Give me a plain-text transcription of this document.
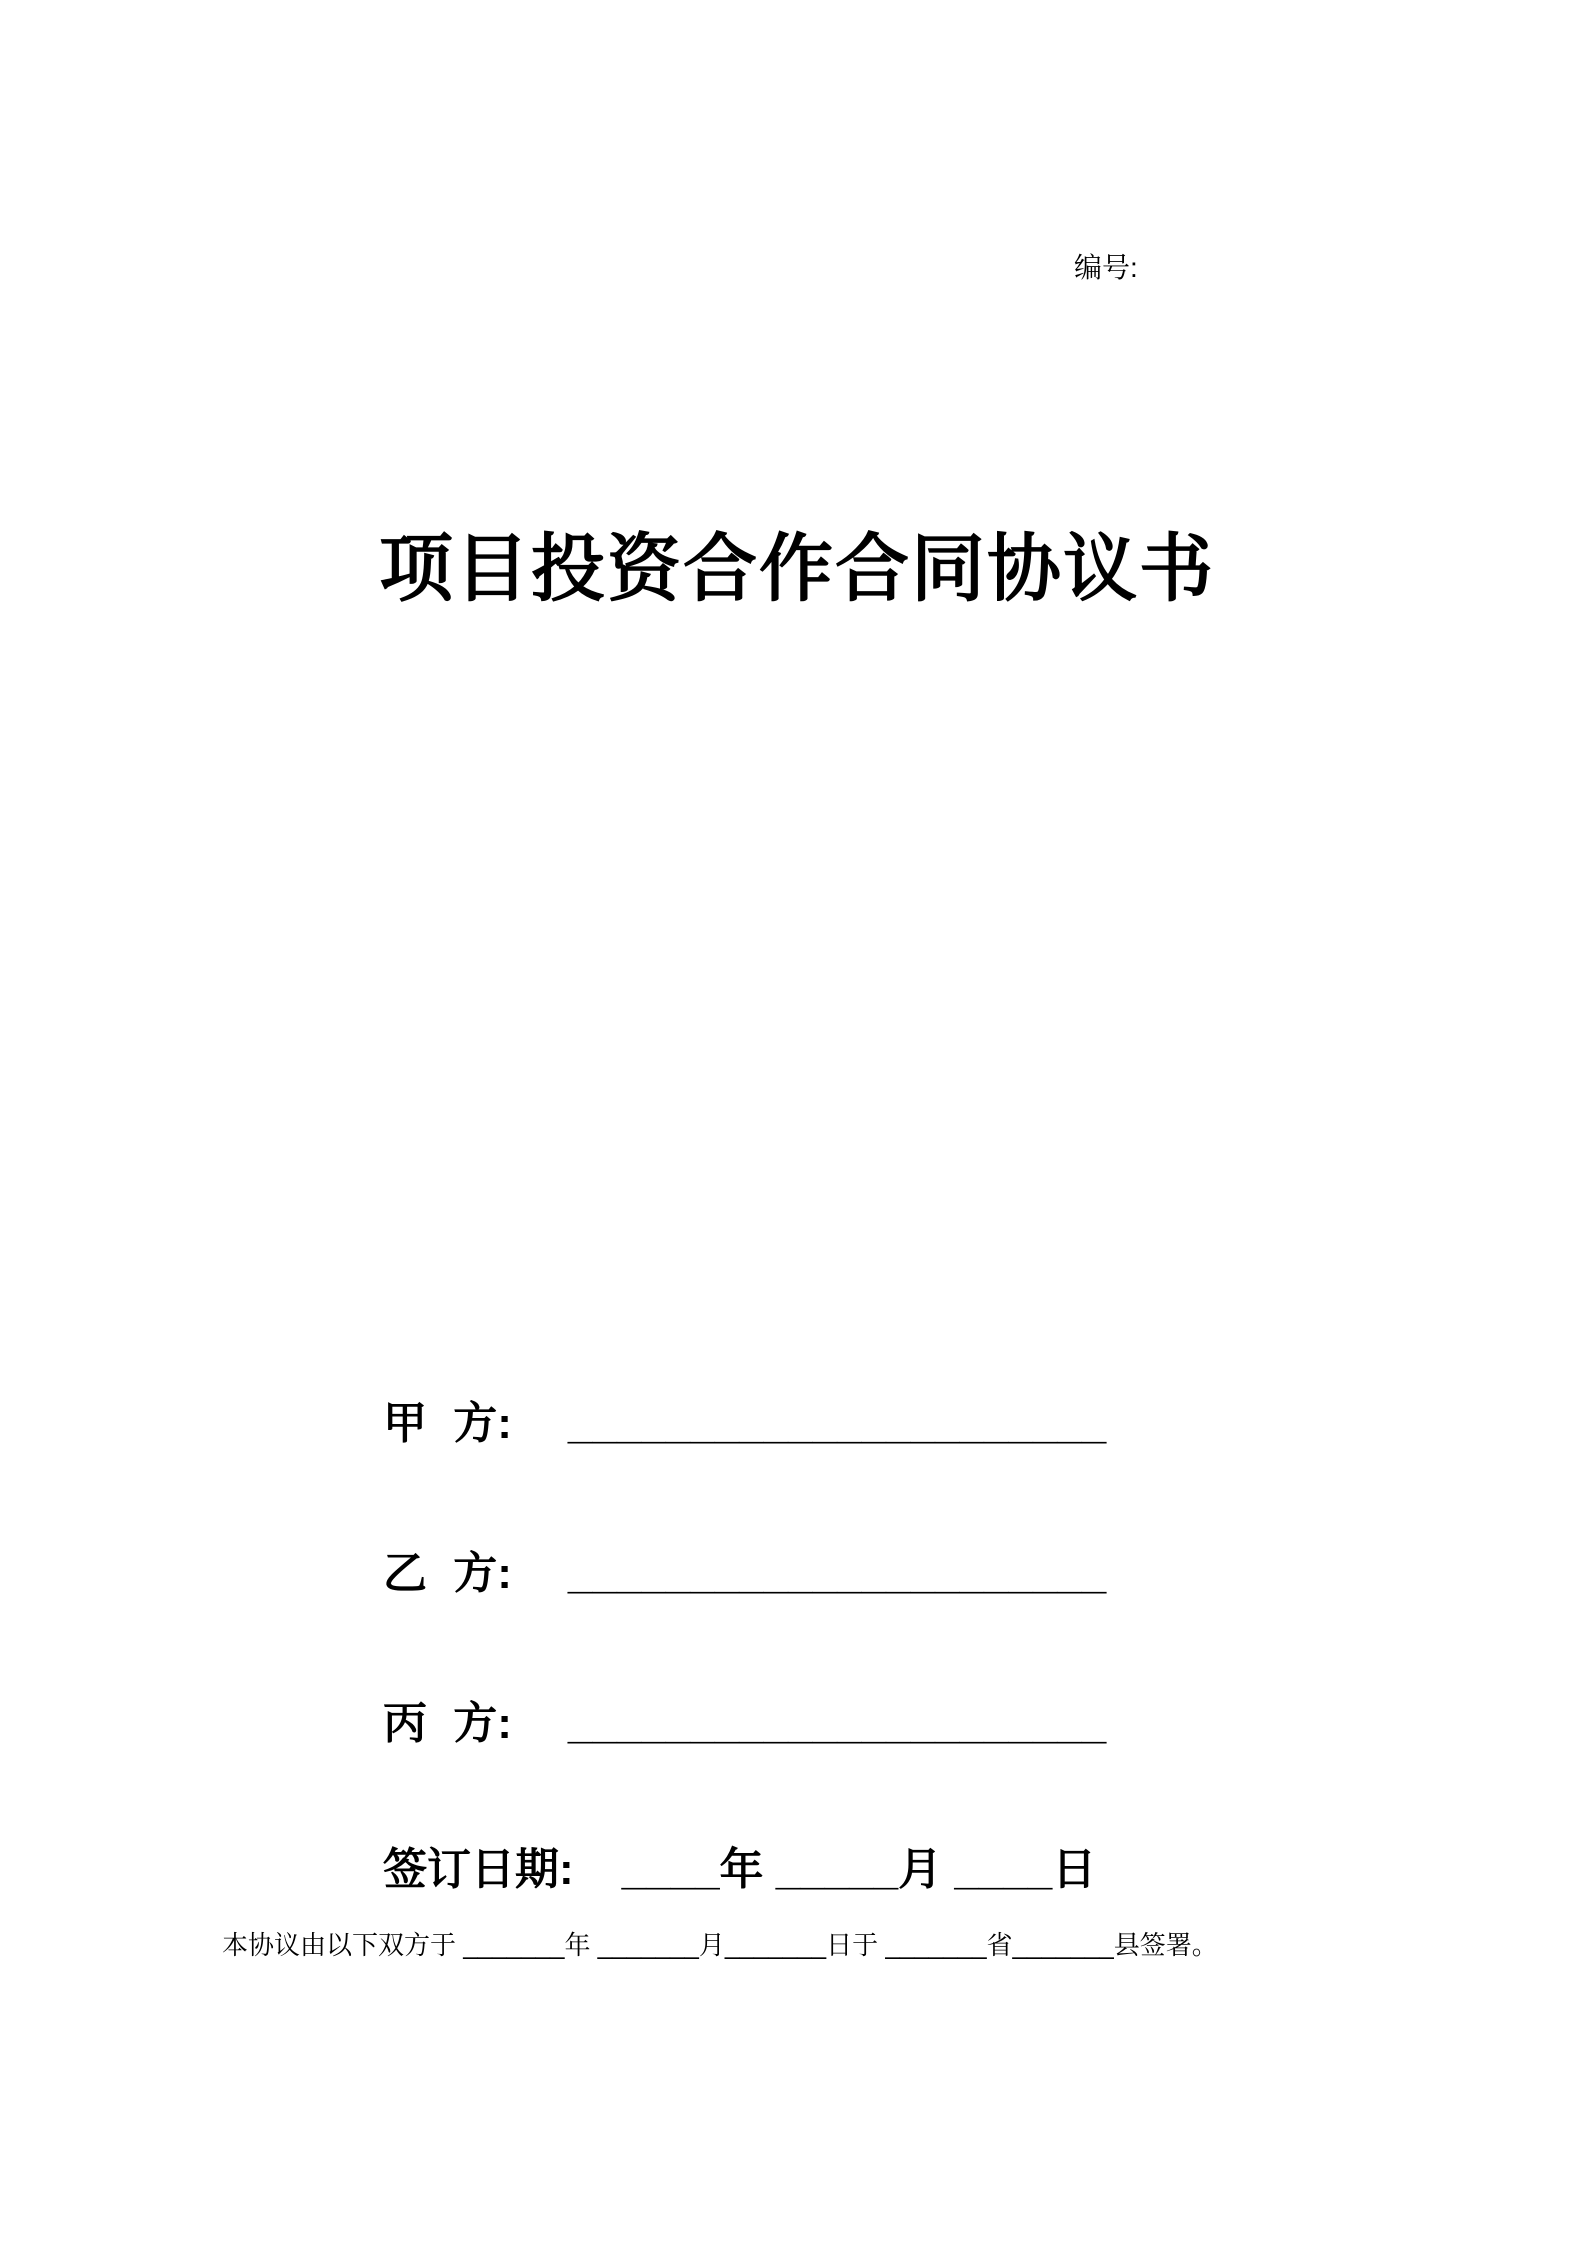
编号:
项目投资合作合同协议书
甲 方: ______________________
乙 方: ______________________
丙 方: ______________________
签订日期: ____年 _____月 ____日
本协议由以下双方于 _______年 _______月_______日于 _______省_______县签署。
